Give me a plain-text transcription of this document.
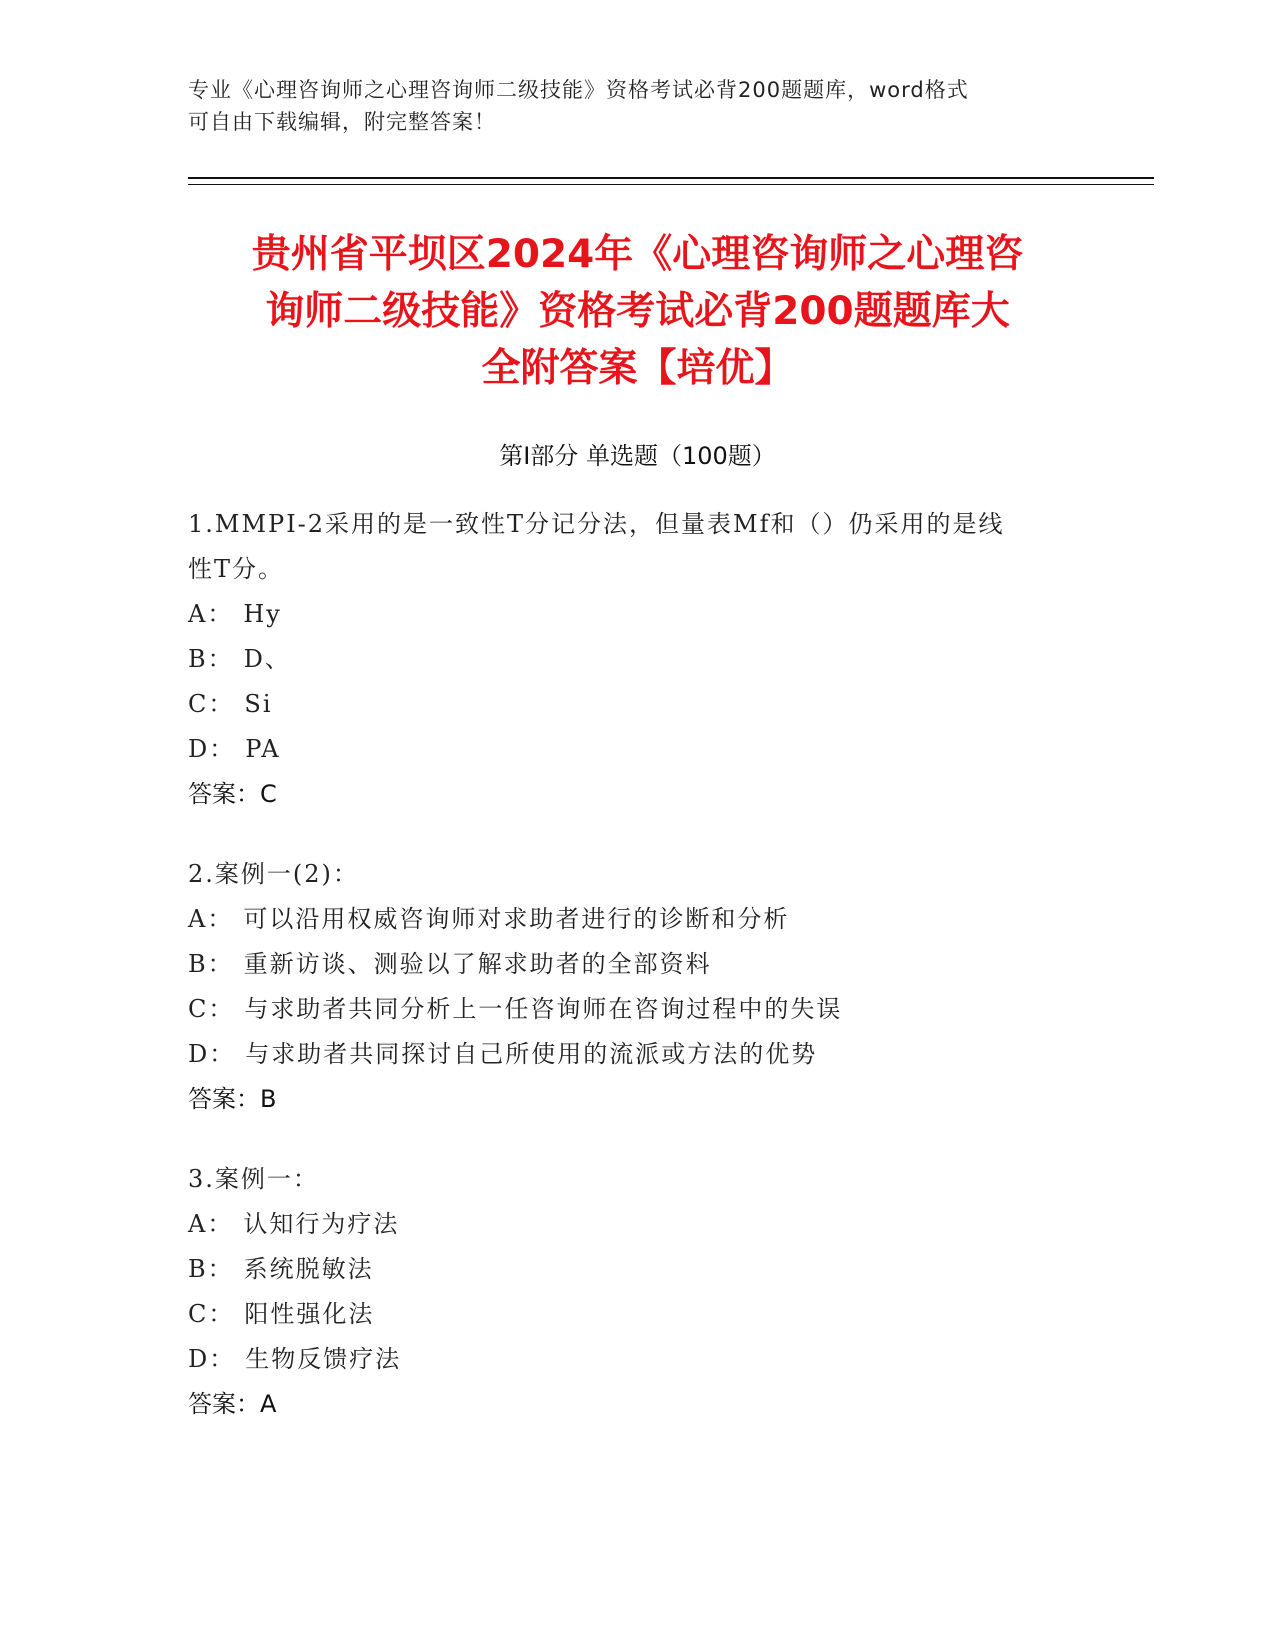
专业《心理咨询师之心理咨询师二级技能》资格考试必背200题题库，word格式
可自由下载编辑，附完整答案！
贵州省平坝区2024年《心理咨询师之心理咨
询师二级技能》资格考试必背200题题库大
全附答案【培优】
第Ⅰ部分 单选题（100题）
1.MMPI-2采用的是一致性T分记分法，但量表Mf和（）仍采用的是线
性T分。
A： Hy
B： D、
C： Si
D： PA
答案：C
2.案例一(2)：
A： 可以沿用权威咨询师对求助者进行的诊断和分析
B： 重新访谈、测验以了解求助者的全部资料
C： 与求助者共同分析上一任咨询师在咨询过程中的失误
D： 与求助者共同探讨自己所使用的流派或方法的优势
答案：B
3.案例一：
A： 认知行为疗法
B： 系统脱敏法
C： 阳性强化法
D： 生物反馈疗法
答案：A
